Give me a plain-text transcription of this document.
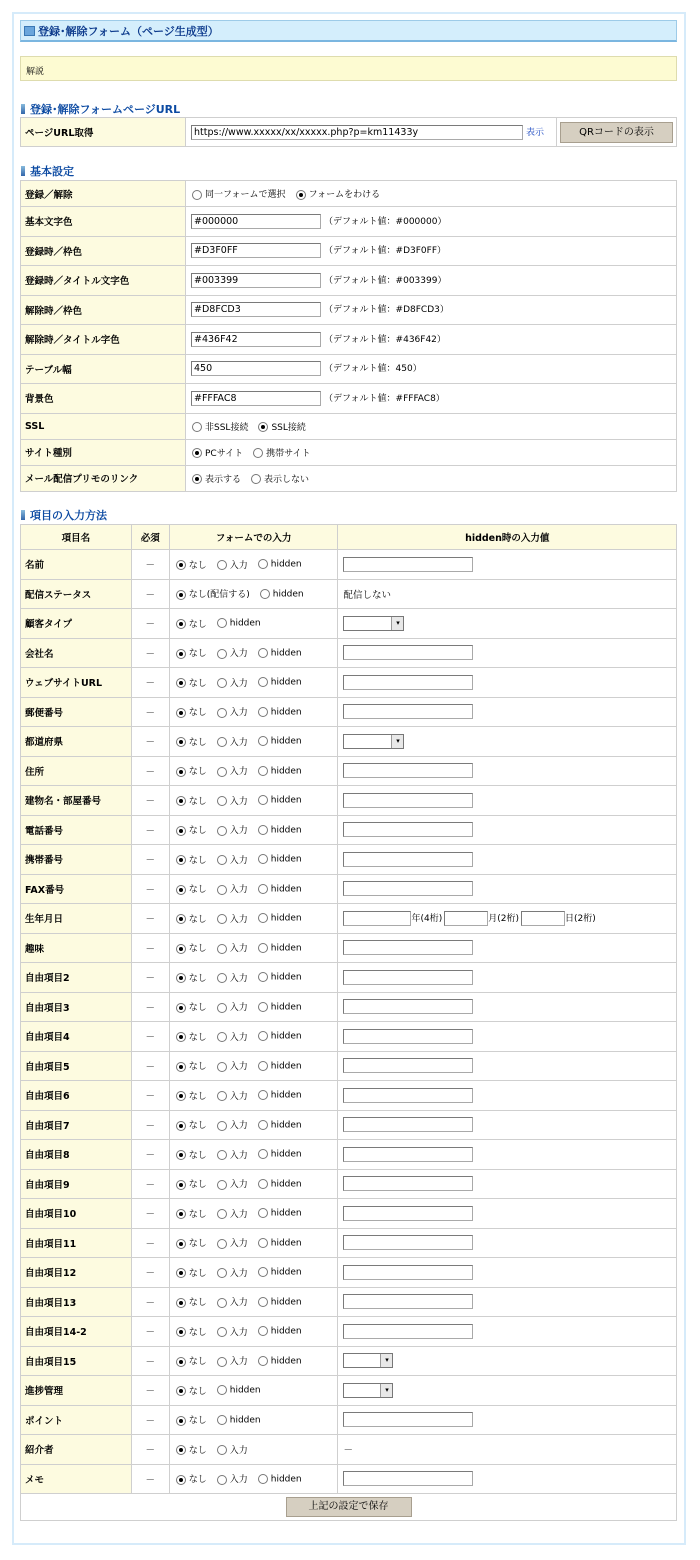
登録･解除フォーム（ページ生成型）
解説
登録･解除フォームページURL
ページURL取得	https://www.xxxxx/xx/xxxxx.php?p=km11433y表示	QRコードの表示
基本設定
登録／解除	同一フォームで選択 フォームをわける
基本文字色	#000000（デフォルト値：#000000）
登録時／枠色	#D3F0FF（デフォルト値：#D3F0FF）
登録時／タイトル文字色	#003399（デフォルト値：#003399）
解除時／枠色	#D8FCD3（デフォルト値：#D8FCD3）
解除時／タイトル字色	#436F42（デフォルト値：#436F42）
テーブル幅	450（デフォルト値：450）
背景色	#FFFAC8（デフォルト値：#FFFAC8）
SSL	非SSL接続 SSL接続
サイト種別	PCサイト 携帯サイト
メール配信プリモのリンク	表示する 表示しない
項目の入力方法
項目名	必須	フォームでの入力	hidden時の入力値
名前	－	なし 入力 hidden	
配信ステータス	－	なし(配信する) hidden	配信しない
顧客タイプ	－	なし hidden	▾

会社名	－	なし 入力 hidden	
ウェブサイトURL	－	なし 入力 hidden	
郵便番号	－	なし 入力 hidden	
都道府県	－	なし 入力 hidden	▾

住所	－	なし 入力 hidden	
建物名・部屋番号	－	なし 入力 hidden	
電話番号	－	なし 入力 hidden	
携帯番号	－	なし 入力 hidden	
FAX番号	－	なし 入力 hidden	
生年月日	－	なし 入力 hidden	年(4桁) 月(2桁) 日(2桁)
趣味	－	なし 入力 hidden	
自由項目2	－	なし 入力 hidden	
自由項目3	－	なし 入力 hidden	
自由項目4	－	なし 入力 hidden	
自由項目5	－	なし 入力 hidden	
自由項目6	－	なし 入力 hidden	
自由項目7	－	なし 入力 hidden	
自由項目8	－	なし 入力 hidden	
自由項目9	－	なし 入力 hidden	
自由項目10	－	なし 入力 hidden	
自由項目11	－	なし 入力 hidden	
自由項目12	－	なし 入力 hidden	
自由項目13	－	なし 入力 hidden	
自由項目14-2	－	なし 入力 hidden	
自由項目15	－	なし 入力 hidden	▾

進捗管理	－	なし hidden	▾

ポイント	－	なし hidden	
紹介者	－	なし 入力	－
メモ	－	なし 入力 hidden	

上記の設定で保存			
